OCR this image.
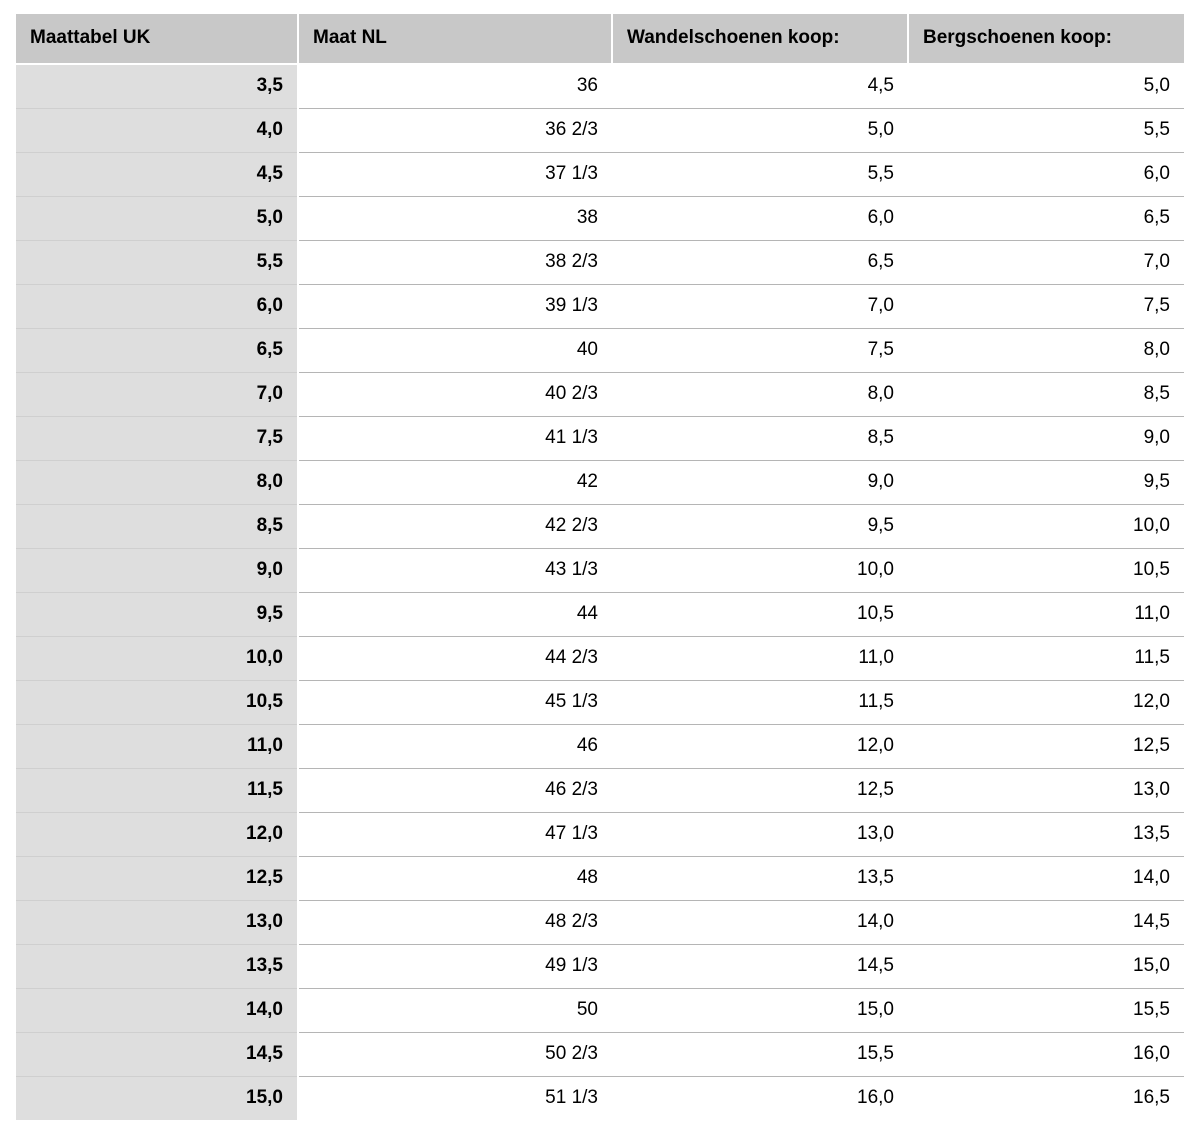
Maattabel UK	Maat NL	Wandelschoenen koop:	Bergschoenen koop:
3,5	36	4,5	5,0
4,0	36 2/3	5,0	5,5
4,5	37 1/3	5,5	6,0
5,0	38	6,0	6,5
5,5	38 2/3	6,5	7,0
6,0	39 1/3	7,0	7,5
6,5	40	7,5	8,0
7,0	40 2/3	8,0	8,5
7,5	41 1/3	8,5	9,0
8,0	42	9,0	9,5
8,5	42 2/3	9,5	10,0
9,0	43 1/3	10,0	10,5
9,5	44	10,5	11,0
10,0	44 2/3	11,0	11,5
10,5	45 1/3	11,5	12,0
11,0	46	12,0	12,5
11,5	46 2/3	12,5	13,0
12,0	47 1/3	13,0	13,5
12,5	48	13,5	14,0
13,0	48 2/3	14,0	14,5
13,5	49 1/3	14,5	15,0
14,0	50	15,0	15,5
14,5	50 2/3	15,5	16,0
15,0	51 1/3	16,0	16,5
